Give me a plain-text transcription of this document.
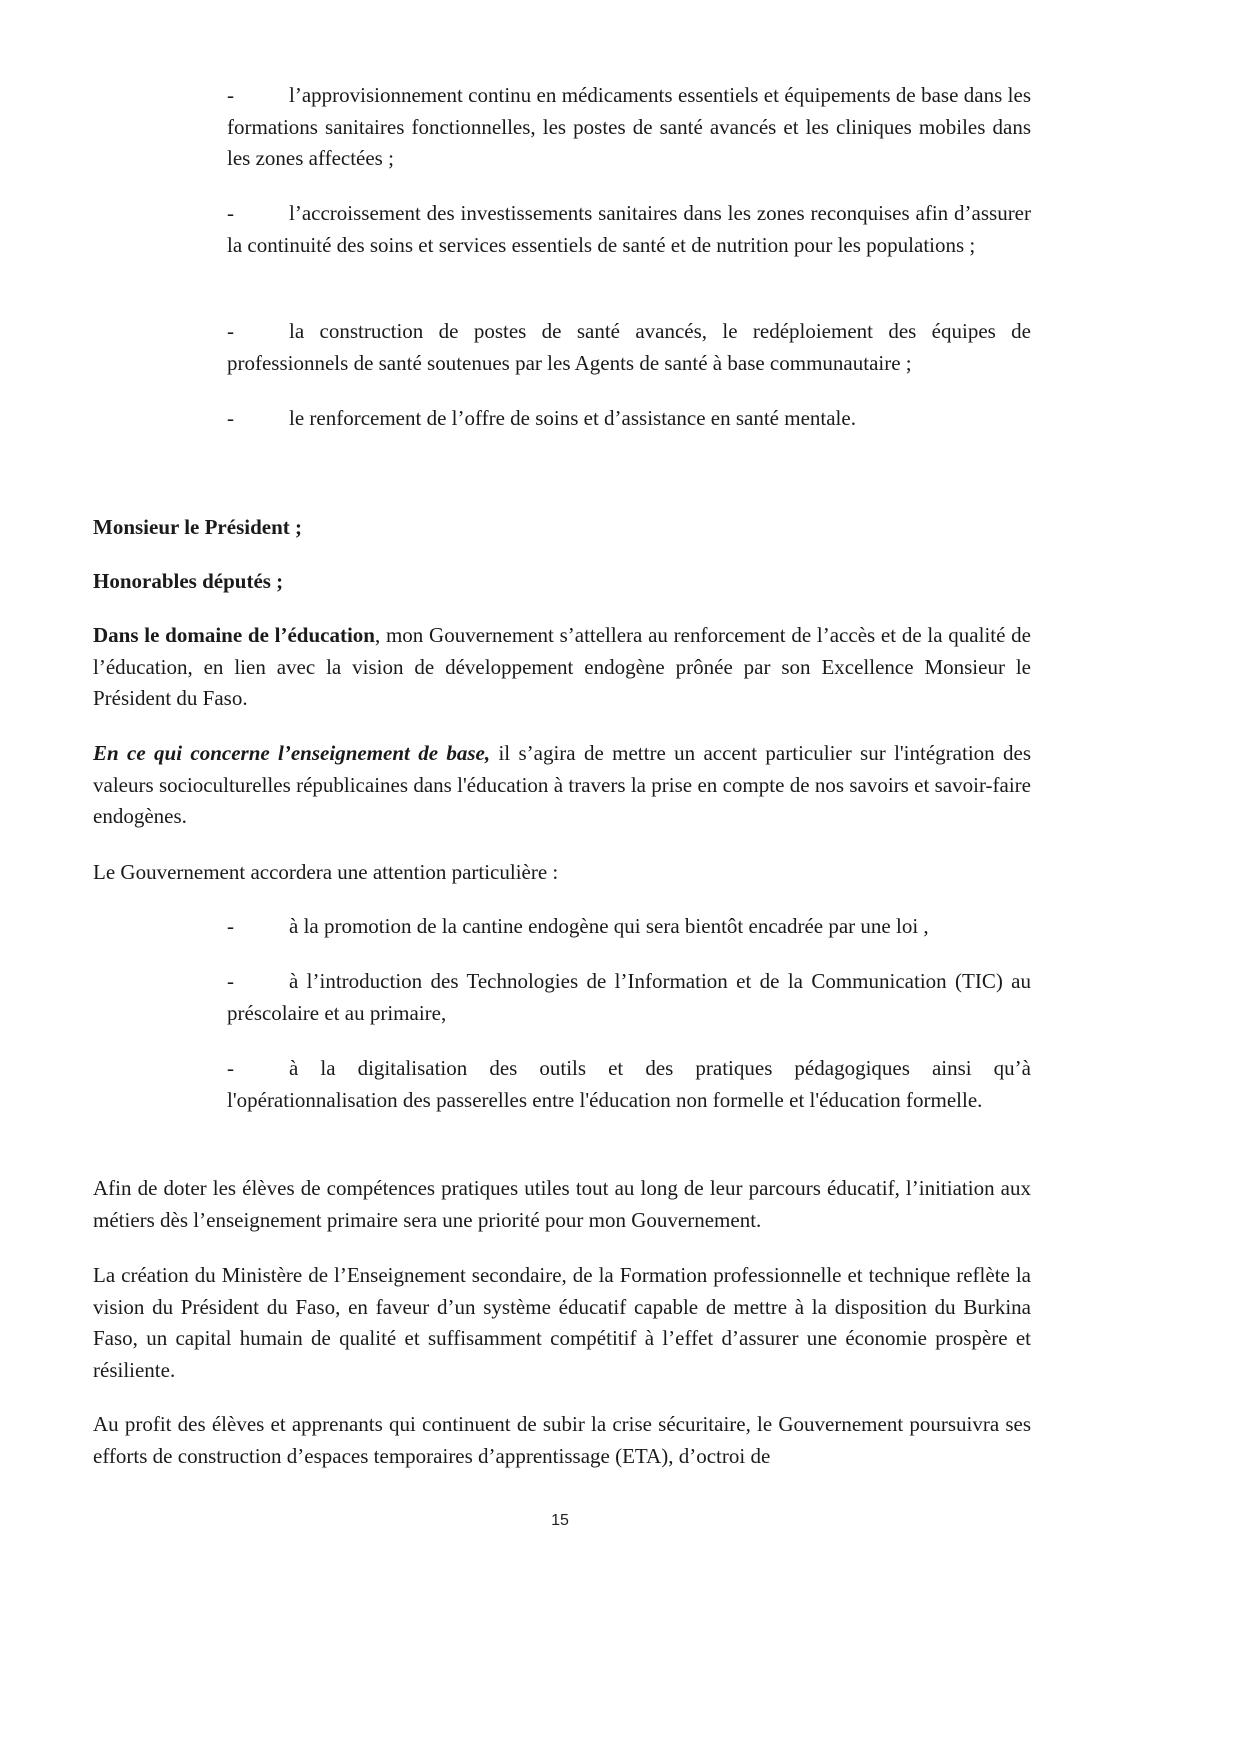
-	l’approvisionnement continu en médicaments essentiels et équipements de base dans les formations sanitaires fonctionnelles, les postes de santé avancés et les cliniques mobiles dans les zones affectées ;

-	l’accroissement des investissements sanitaires dans les zones reconquises afin d’assurer la continuité des soins et services essentiels de santé et de nutrition pour les populations ;

-	la construction de postes de santé avancés, le redéploiement des équipes de professionnels de santé soutenues par les Agents de santé à base communautaire ;

-	le renforcement de l’offre de soins et d’assistance en santé mentale.

Monsieur le Président ;

Honorables députés ;

Dans le domaine de l’éducation, mon Gouvernement s’attellera au renforcement de l’accès et de la qualité de l’éducation, en lien avec la vision de développement endogène prônée par son Excellence Monsieur le Président du Faso.

En ce qui concerne l’enseignement de base, il s’agira de mettre un accent particulier sur l'intégration des valeurs socioculturelles républicaines dans l'éducation à travers la prise en compte de nos savoirs et savoir-faire endogènes.

Le Gouvernement accordera une attention particulière :

-	à la promotion de la cantine endogène qui sera bientôt encadrée par une loi ,

-	à l’introduction des Technologies de l’Information et de la Communication (TIC) au préscolaire et au primaire,

-	à la digitalisation des outils et des pratiques pédagogiques ainsi qu’à l'opérationnalisation des passerelles entre l'éducation non formelle et l'éducation formelle.

Afin de doter les élèves de compétences pratiques utiles tout au long de leur parcours éducatif, l’initiation aux métiers dès l’enseignement primaire sera une priorité pour mon Gouvernement.

La création du Ministère de l’Enseignement secondaire, de la Formation professionnelle et technique reflète la vision du Président du Faso, en faveur d’un système éducatif capable de mettre à la disposition du Burkina Faso, un capital humain de qualité et suffisamment compétitif à l’effet d’assurer une économie prospère et résiliente.

Au profit des élèves et apprenants qui continuent de subir la crise sécuritaire, le Gouvernement poursuivra ses efforts de construction d’espaces temporaires d’apprentissage (ETA), d’octroi de

15
